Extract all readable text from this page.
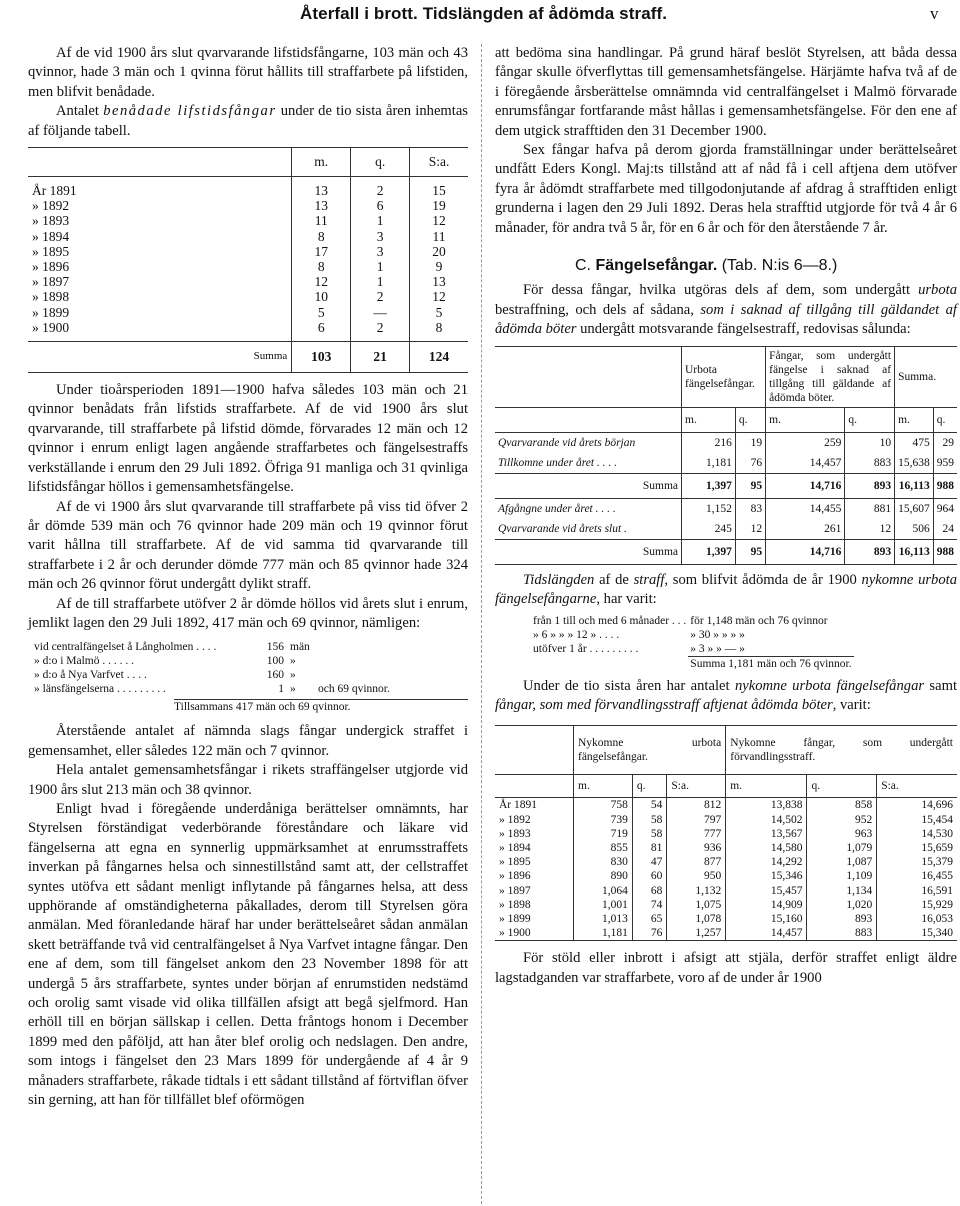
Återfall i brott. Tidslängden af ådömda straff.	v

Af de vid 1900 års slut qvarvarande lifstidsfångarne, 103 män och 43 qvinnor, hade 3 män och 1 qvinna förut hållits till straffarbete på lifstiden, men blifvit benådade.

Antalet benådade lifstidsfångar under de tio sista åren inhemtas af följande tabell.

	m.	q.	S:a.

År 1891	13	2	15
» 1892	13	6	19
» 1893	11	1	12
» 1894	8	3	11
» 1895	17	3	20
» 1896	8	1	9
» 1897	12	1	13
» 1898	10	2	12
» 1899	5	—	5
» 1900	6	2	8

Summa	103	21	124

Under tioårsperioden 1891—1900 hafva således 103 män och 21 qvinnor benådats från lifstids straffarbete. Af de vid 1900 års slut qvarvarande, till straffarbete på lifstid dömde, förvarades 12 män och 12 qvinnor i enrum enligt lagen angående straffarbetes och fängelsestraffs verkställande i enrum den 29 Juli 1892. Öfriga 91 manliga och 31 qvinliga lifstidsfångar höllos i gemensamhetsfängelse.

Af de vi 1900 års slut qvarvarande till straffarbete på viss tid öfver 2 år dömde 539 män och 76 qvinnor hade 209 män och 19 qvinnor förut varit hållna till straffarbete. Af de vid samma tid qvarvarande till straffarbete i 2 år och derunder dömde 777 män och 85 qvinnor hade 324 män och 26 qvinnor förut undergått dylikt straff.

Af de till straffarbete utöfver 2 år dömde höllos vid årets slut i enrum, jemlikt lagen den 29 Juli 1892, 417 män och 69 qvinnor, nämligen:

vid centralfängelset å Långholmen . . . .	156 män
» d:o i Malmö . . . . . .	100 »
» d:o å Nya Varfvet . . . .	160 »
» länsfängelserna . . . . . . . . .	1 »	och 69 qvinnor.
Tillsammans 417 män och 69 qvinnor.

Återstående antalet af nämnda slags fångar undergick straffet i gemensamhet, eller således 122 män och 7 qvinnor.

Hela antalet gemensamhetsfångar i rikets straffängelser utgjorde vid 1900 års slut 213 män och 38 qvinnor.

Enligt hvad i föregående underdåniga berättelser omnämnts, har Styrelsen förständigat vederbörande föreståndare och läkare vid fängelserna att egna en synnerlig uppmärksamhet at enrumsstraffets inverkan på fångarnes helsa och sinnestillstånd samt att, der cellstraffet syntes utöfva ett sådant menligt inflytande på fångarnes helsa, att dess upphörande af omständigheterna påkallades, derom till Styrelsen göra anmälan. Med föranledande häraf har under berättelseåret sådan anmälan skett beträffande två vid centralfängelset å Nya Varfvet intagne fångar. Den ene af dem, som till fängelset ankom den 23 November 1898 för att undergå 5 års straffarbete, syntes under början af enrumstiden nedstämd och orolig samt visade vid olika tillfällen afsigt att begå sjelfmord. Han erhöll till en början sällskap i cellen. Detta fråntogs honom i December 1899 med den påföljd, att han åter blef orolig och nedslagen. Den andre, som intogs i fängelset den 23 Mars 1899 för undergående af 4 år 9 månaders straffarbete, råkade tidtals i ett sådant tillstånd af förtviflan öfver sin gerning, att han för tillfället blef oförmögen

att bedöma sina handlingar. På grund häraf beslöt Styrelsen, att båda dessa fångar skulle öfverflyttas till gemensamhetsfängelse. Härjämte hafva två af de i föregående årsberättelse omnämnda vid centralfängelset i Malmö förvarade enrumsfångar fortfarande måst hållas i gemensamhetsfängelse. För den ene af dem utgick strafftiden den 31 December 1900.

Sex fångar hafva på derom gjorda framställningar under berättelseåret undfått Eders Kongl. Maj:ts tillstånd att af nåd få i cell aftjena dem utöfver fyra år ådömdt straffarbete med tillgodonjutande af afdrag å strafftiden enligt grunderna i lagen den 29 Juli 1892. Deras hela strafftid utgjorde för två 4 år 6 månader, för andra två 5 år, för en 6 år och för den återstående 7 år.

C. Fängelsefångar. (Tab. N:is 6—8.)

För dessa fångar, hvilka utgöras dels af dem, som undergått urbota bestraffning, och dels af sådana, som i saknad af tillgång till gäldandet af ådömda böter undergått motsvarande fängelsestraff, redovisas sålunda:

	Urbota fängelsefångar.		Fångar, som undergått fängelse i saknad af tillgång till gäldande af ådömda böter.		Summa.	
	m.	q.	m.	q.	m.	q.
Qvarvarande vid årets början	216	19	259	10	475	29
Tillkomne under året . . . .	1,181	76	14,457	883	15,638	959
Summa	1,397	95	14,716	893	16,113	988
Afgångne under året . . . .	1,152	83	14,455	881	15,607	964
Qvarvarande vid årets slut .	245	12	261	12	506	24
Summa	1,397	95	14,716	893	16,113	988

Tidslängden af de straff, som blifvit ådömda de år 1900 nykomne urbota fängelsefångarne, har varit:

från 1 till och med 6 månader . . .	för 1,148 män och 76 qvinnor
» 6 » » » 12 » . . . .	» 30 » » » »
utöfver 1 år . . . . . . . . .	» 3 » » — »
	Summa 1,181 män och 76 qvinnor.

Under de tio sista åren har antalet nykomne urbota fängelsefångar samt fångar, som med förvandlingsstraff aftjenat ådömda böter, varit:

	Nykomne urbota fängelsefångar.			Nykomne fångar, som undergått förvandlingsstraff.		
	m.	q.	S:a.	m.	q.	S:a.
År 1891	758	54	812	13,838	858	14,696
» 1892	739	58	797	14,502	952	15,454
» 1893	719	58	777	13,567	963	14,530
» 1894	855	81	936	14,580	1,079	15,659
» 1895	830	47	877	14,292	1,087	15,379
» 1896	890	60	950	15,346	1,109	16,455
» 1897	1,064	68	1,132	15,457	1,134	16,591
» 1898	1,001	74	1,075	14,909	1,020	15,929
» 1899	1,013	65	1,078	15,160	893	16,053
» 1900	1,181	76	1,257	14,457	883	15,340

För stöld eller inbrott i afsigt att stjäla, derför straffet enligt äldre lagstadganden var straffarbete, voro af de under år 1900
